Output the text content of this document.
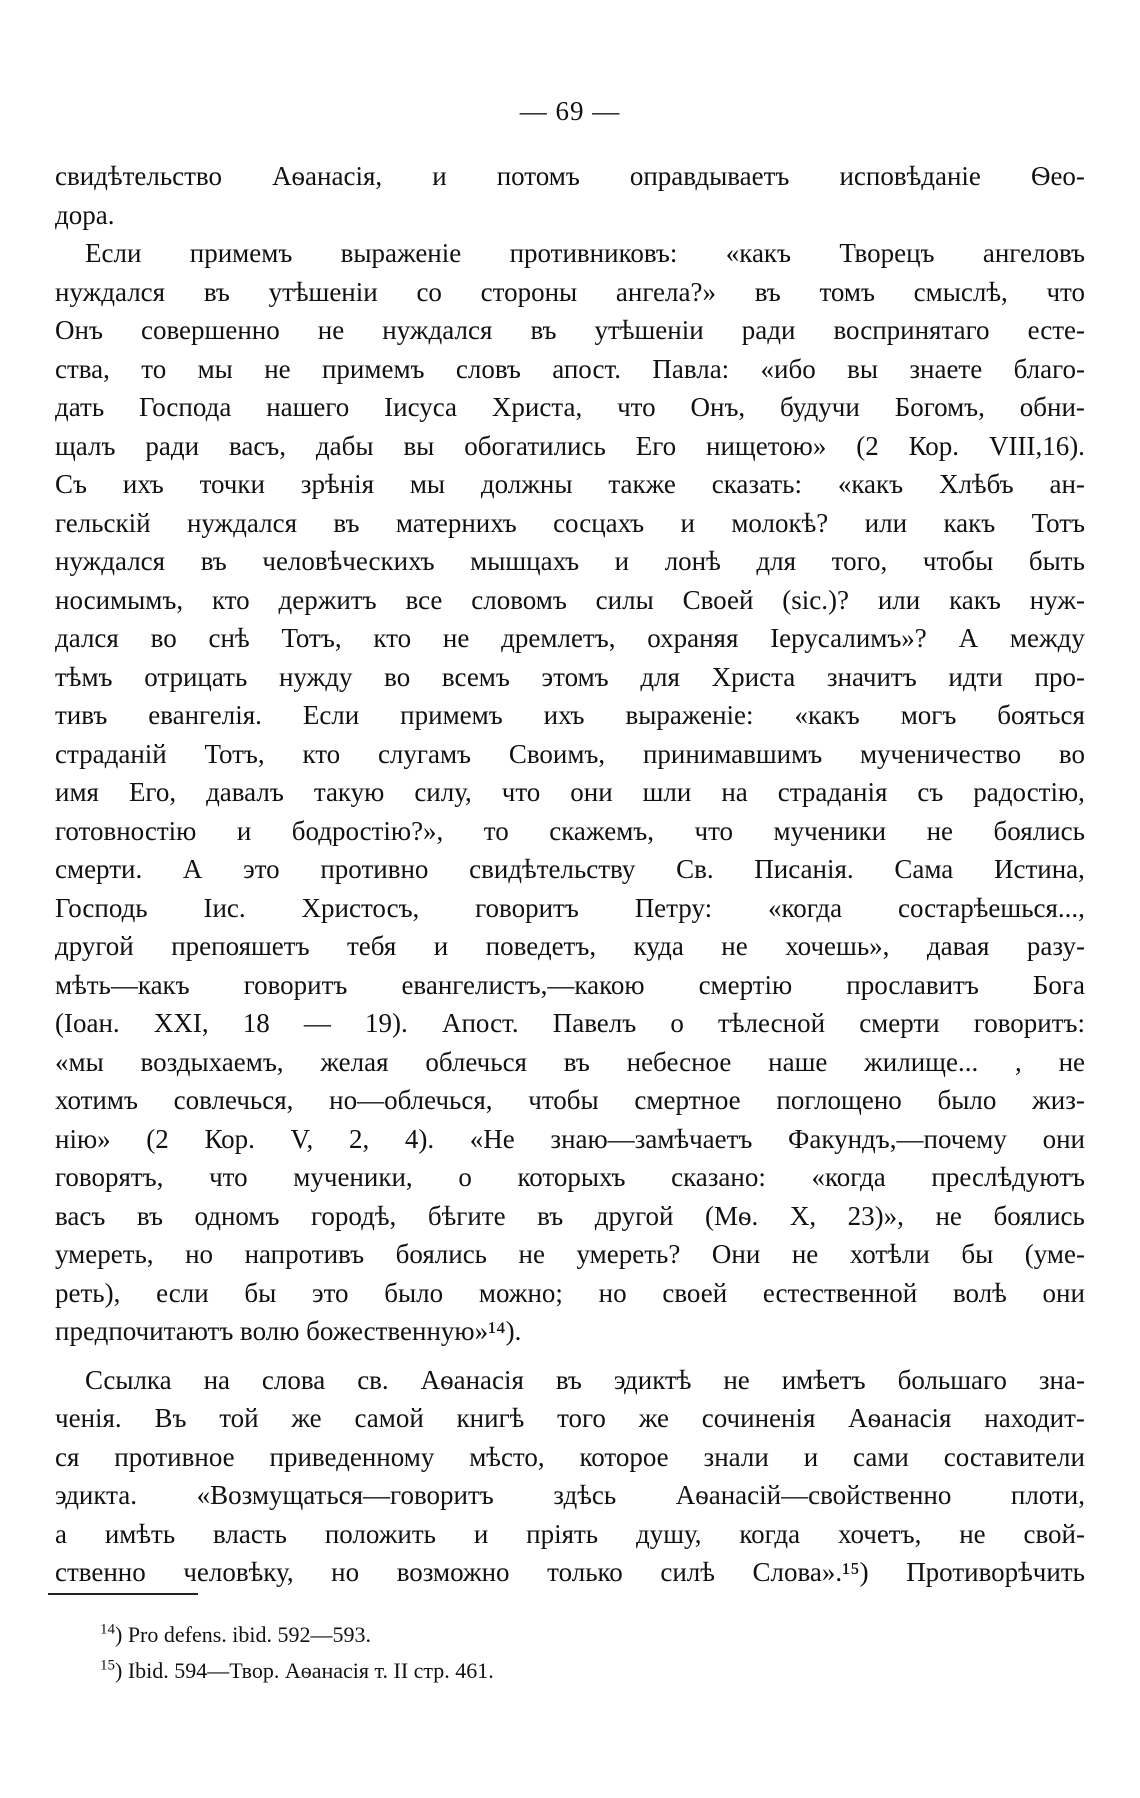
— 69 —
свидѣтельство Аѳанасія, и потомъ оправдываетъ исповѣданіе Ѳео-
дора.
Если примемъ выраженіе противниковъ: «какъ Творецъ ангеловъ
нуждался въ утѣшеніи со стороны ангела?» въ томъ смыслѣ, что
Онъ совершенно не нуждался въ утѣшеніи ради воспринятаго есте-
ства, то мы не примемъ словъ апост. Павла: «ибо вы знаете благо-
дать Господа нашего Іисуса Христа, что Онъ, будучи Богомъ, обни-
щалъ ради васъ, дабы вы обогатились Его нищетою» (2 Кор. VIII,16).
Съ ихъ точки зрѣнія мы должны также сказать: «какъ Хлѣбъ ан-
гельскій нуждался въ матернихъ сосцахъ и молокѣ? или какъ Тотъ
нуждался въ человѣческихъ мышцахъ и лонѣ для того, чтобы быть
носимымъ, кто держитъ все словомъ силы Своей (sic.)? или какъ нуж-
дался во снѣ Тотъ, кто не дремлетъ, охраняя Іерусалимъ»? А между
тѣмъ отрицать нужду во всемъ этомъ для Христа значитъ идти про-
тивъ евангелія. Если примемъ ихъ выраженіе: «какъ могъ бояться
страданій Тотъ, кто слугамъ Своимъ, принимавшимъ мученичество во
имя Его, давалъ такую силу, что они шли на страданія съ радостію,
готовностію и бодростію?», то скажемъ, что мученики не боялись
смерти. А это противно свидѣтельству Св. Писанія. Сама Истина,
Господь Іис. Христосъ, говоритъ Петру: «когда состарѣешься...,
другой препояшетъ тебя и поведетъ, куда не хочешь», давая разу-
мѣть—какъ говоритъ евангелистъ,—какою смертію прославитъ Бога
(Іоан. XXI, 18 — 19). Апост. Павелъ о тѣлесной смерти говоритъ:
«мы воздыхаемъ, желая облечься въ небесное наше жилище... , не
хотимъ совлечься, но—облечься, чтобы смертное поглощено было жиз-
нію» (2 Кор. V, 2, 4). «Не знаю—замѣчаетъ Факундъ,—почему они
говорятъ, что мученики, о которыхъ сказано: «когда преслѣдуютъ
васъ въ одномъ городѣ, бѣгите въ другой (Мѳ. X, 23)», не боялись
умереть, но напротивъ боялись не умереть? Они не хотѣли бы (уме-
реть), если бы это было можно; но своей естественной волѣ они
предпочитаютъ волю божественную»¹⁴).
Ссылка на слова св. Аѳанасія въ эдиктѣ не имѣетъ большаго зна-
ченія. Въ той же самой книгѣ того же сочиненія Аѳанасія находит-
ся противное приведенному мѣсто, которое знали и сами составители
эдикта. «Возмущаться—говоритъ здѣсь Аѳанасій—свойственно плоти,
а имѣть власть положить и пріять душу, когда хочетъ, не свой-
ственно человѣку, но возможно только силѣ Слова».¹⁵) Противорѣчить
$^{14}$) Pro defens. ibid. 592—593.
$^{15}$) Ibid. 594—Твор. Аѳанасія т. II стр. 461.
